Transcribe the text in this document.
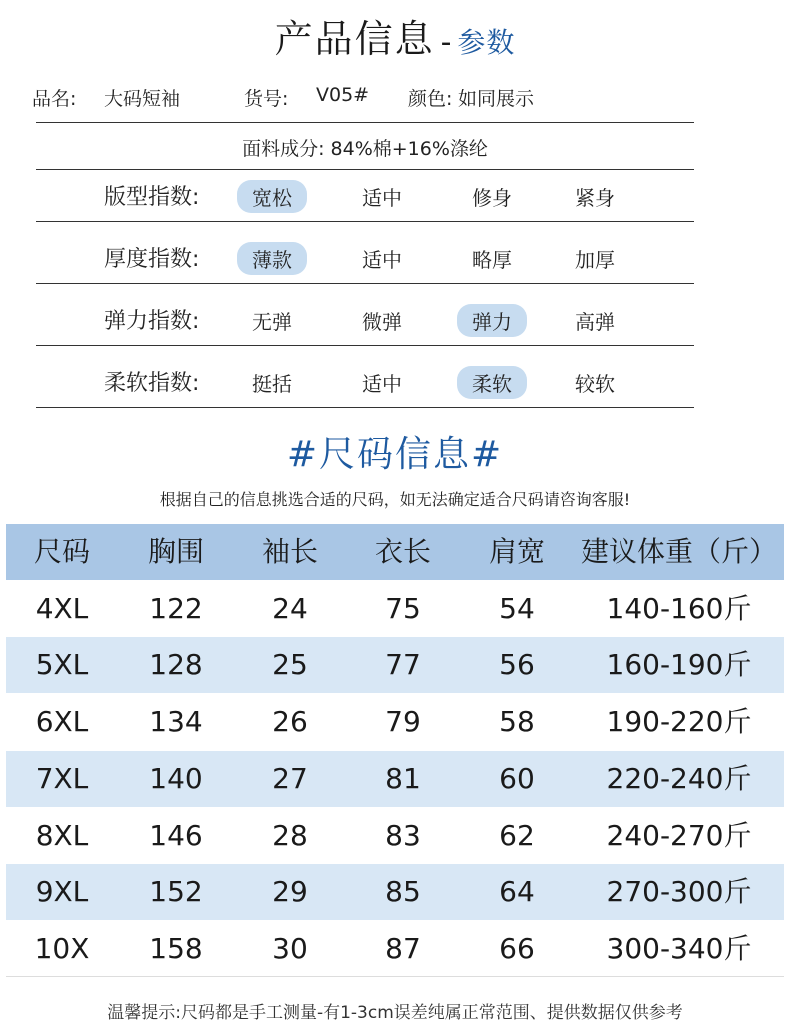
产品信息 - 参数
品名: 大码短袖	货号: V05# 颜色: 如同展示
面料成分: 84%棉+16%涤纶
版型指数:	宽松	适中	修身	紧身
厚度指数:	薄款	适中	略厚	加厚
弹力指数:	无弹	微弹	弹力	高弹
柔软指数:	挺括	适中	柔软	较软
#尺码信息#
根据自己的信息挑选合适的尺码，如无法确定适合尺码请咨询客服!
尺码	胸围	袖长	衣长	肩宽	建议体重（斤）
4XL	122	24	75	54	140-160斤
5XL	128	25	77	56	160-190斤
6XL	134	26	79	58	190-220斤
7XL	140	27	81	60	220-240斤
8XL	146	28	83	62	240-270斤
9XL	152	29	85	64	270-300斤
10X	158	30	87	66	300-340斤
温馨提示:尺码都是手工测量-有1-3cm误差纯属正常范围、提供数据仅供参考
